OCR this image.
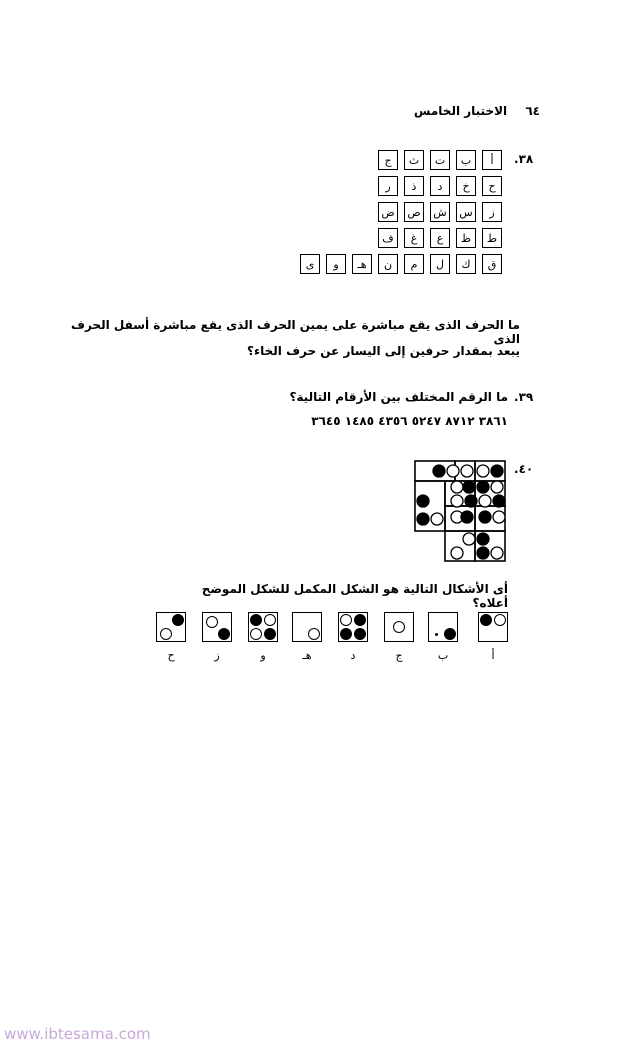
٦٤ الاختبار الخامس
.٣٨
أ
ب
ت
ث
ج
ح
خ
د
ذ
ر
ز
س
ش
ص
ض
ط
ظ
ع
غ
ف
ق
ك
ل
م
ن
هـ
و
ى
ما الحرف الذى يقع مباشرة على يمين الحرف الذى يقع مباشرة أسفل الحرف الذى
يبعد بمقدار حرفين إلى اليسار عن حرف الخاء؟
.٣٩
ما الرقم المختلف بين الأرقام التالية؟
٣٨٦١ ٨٧١٢ ٥٢٤٧ ٤٣٥٦ ١٤٨٥ ٣٦٤٥
.٤٠
أى الأشكال التالية هو الشكل المكمل للشكل الموضح أعلاه؟
أ
ب
ج
د
هـ
و
ز
ح
www.ibtesama.com
